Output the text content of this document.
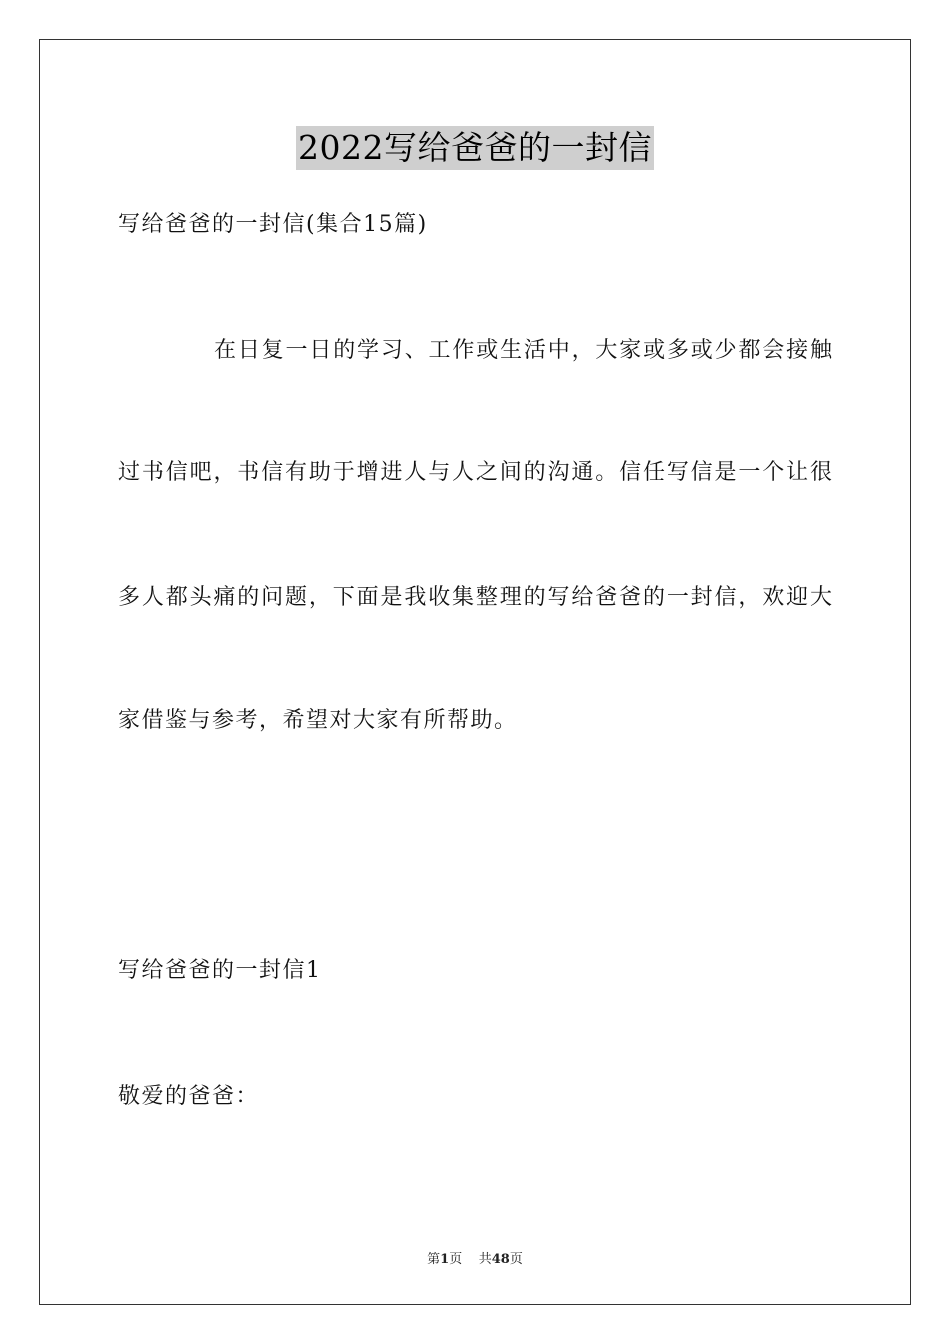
2022写给爸爸的一封信
写给爸爸的一封信(集合15篇)
在日复一日的学习、工作或生活中，大家或多或少都会接触
过书信吧，书信有助于增进人与人之间的沟通。信任写信是一个让很
多人都头痛的问题，下面是我收集整理的写给爸爸的一封信，欢迎大
家借鉴与参考，希望对大家有所帮助。
写给爸爸的一封信1
敬爱的爸爸：
第1页 共48页
